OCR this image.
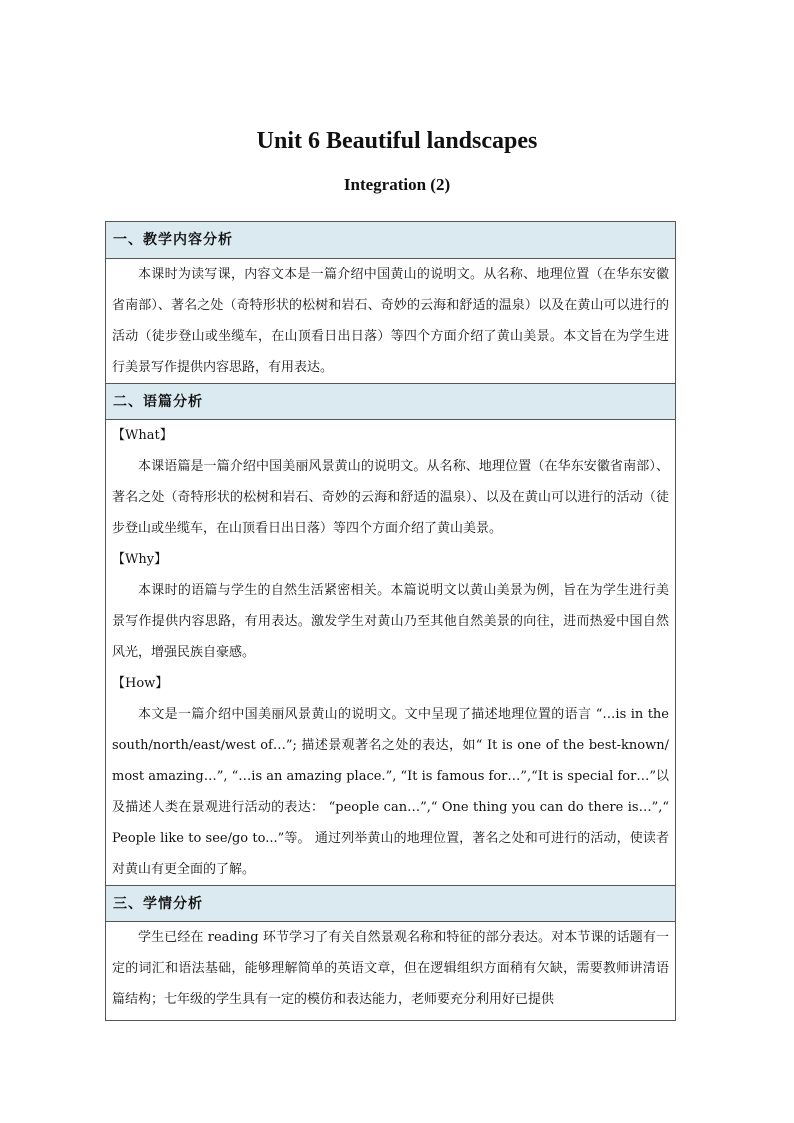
Unit 6 Beautiful landscapes
Integration (2)
一、教学内容分析

本课时为读写课，内容文本是一篇介绍中国黄山的说明文。从名称、地理位置（在华东安徽省南部）、著名之处（奇特形状的松树和岩石、奇妙的云海和舒适的温泉）以及在黄山可以进行的活动（徒步登山或坐缆车，在山顶看日出日落）等四个方面介绍了黄山美景。本文旨在为学生进行美景写作提供内容思路，有用表达。

二、语篇分析

【What】

本课语篇是一篇介绍中国美丽风景黄山的说明文。从名称、地理位置（在华东安徽省南部）、著名之处（奇特形状的松树和岩石、奇妙的云海和舒适的温泉）、以及在黄山可以进行的活动（徒步登山或坐缆车，在山顶看日出日落）等四个方面介绍了黄山美景。

【Why】

本课时的语篇与学生的自然生活紧密相关。本篇说明文以黄山美景为例，旨在为学生进行美景写作提供内容思路，有用表达。激发学生对黄山乃至其他自然美景的向往，进而热爱中国自然风光，增强民族自豪感。

【How】

本文是一篇介绍中国美丽风景黄山的说明文。文中呈现了描述地理位置的语言 “…is in the south/north/east/west of…”; 描述景观著名之处的表达，如“ It is one of the best-known/ most amazing…”, “…is an amazing place.”, “It is famous for…”,“It is special for…”以及描述人类在景观进行活动的表达： “people can…”,“ One thing you can do there is…”,“ People like to see/go to...”等。 通过列举黄山的地理位置，著名之处和可进行的活动，使读者对黄山有更全面的了解。

三、学情分析

学生已经在 reading 环节学习了有关自然景观名称和特征的部分表达。对本节课的话题有一定的词汇和语法基础，能够理解简单的英语文章，但在逻辑组织方面稍有欠缺，需要教师讲清语篇结构；七年级的学生具有一定的模仿和表达能力，老师要充分利用好已提供
